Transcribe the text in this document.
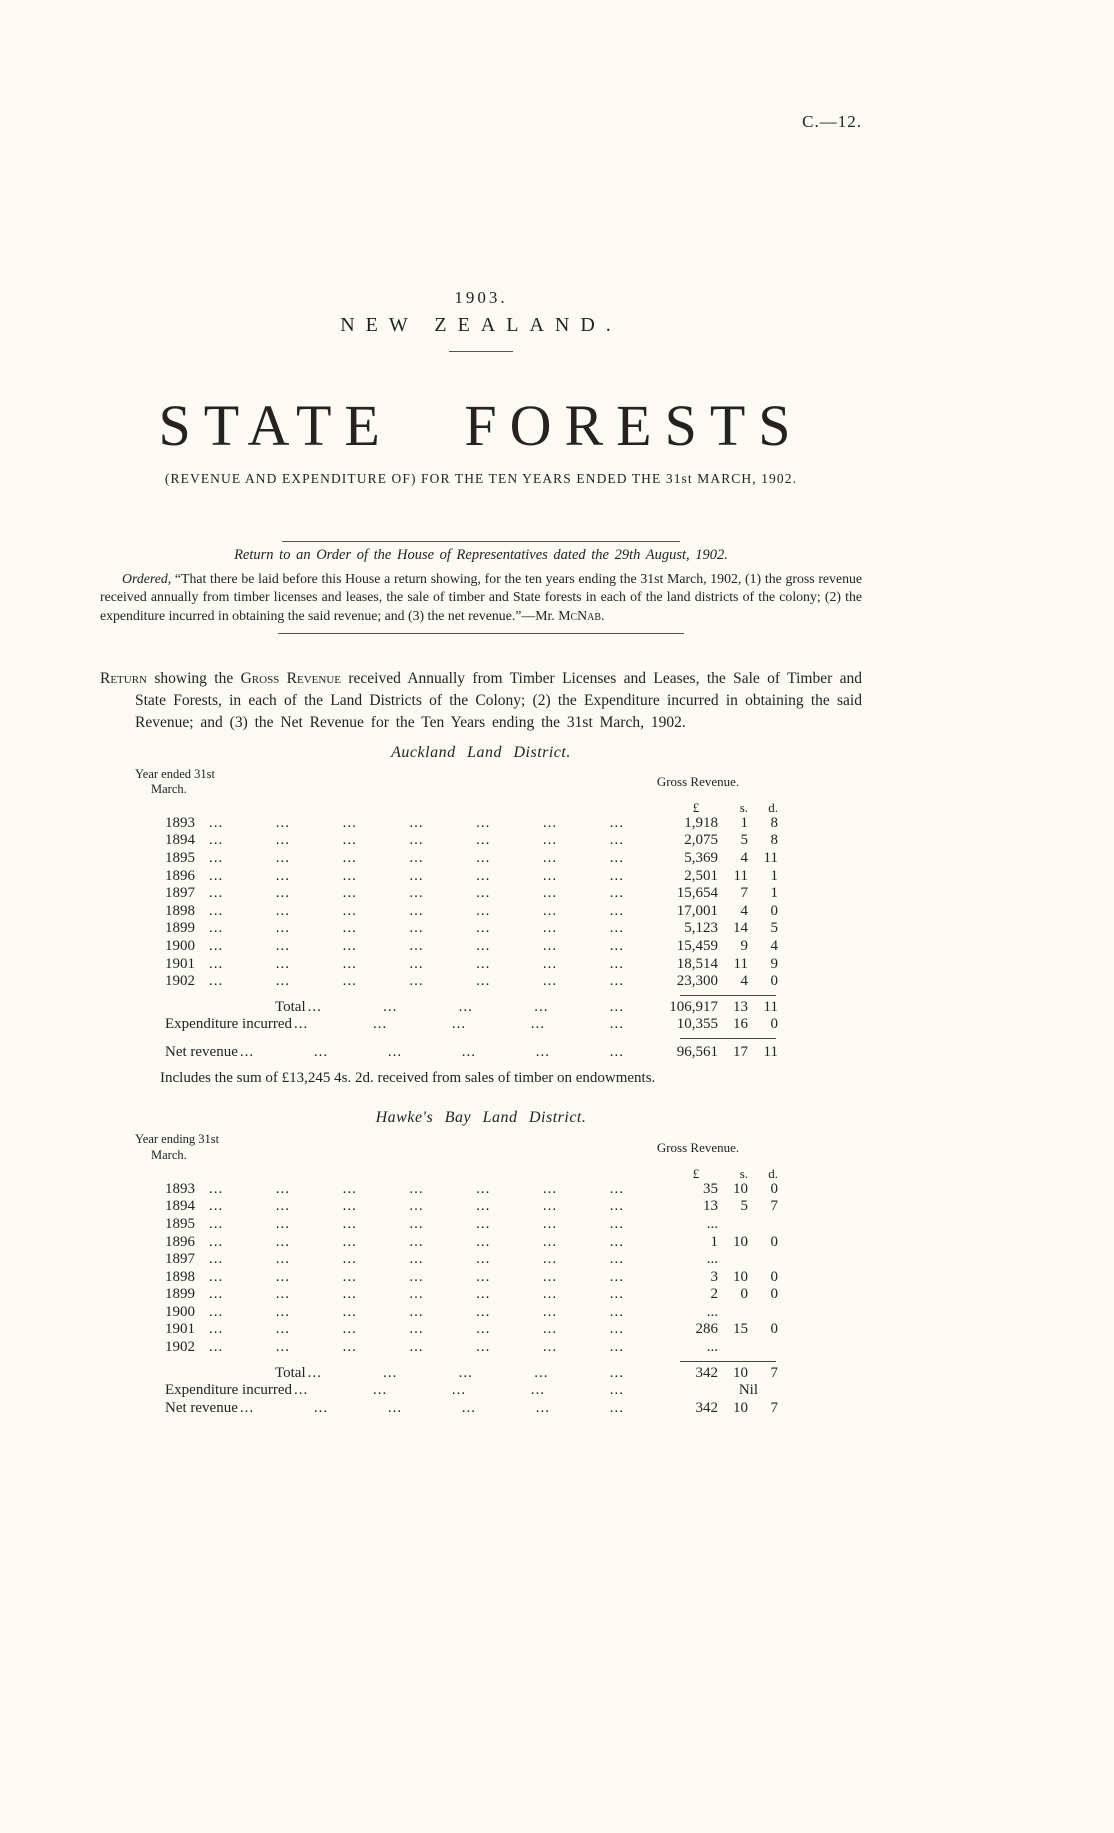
C.—12.
1903.
NEW ZEALAND.
STATE FORESTS
(REVENUE AND EXPENDITURE OF) FOR THE TEN YEARS ENDED THE 31st MARCH, 1902.
Return to an Order of the House of Representatives dated the 29th August, 1902.

Ordered, “That there be laid before this House a return showing, for the ten years ending the 31st March, 1902, (1) the gross revenue received annually from timber licenses and leases, the sale of timber and State forests in each of the land districts of the colony; (2) the expenditure incurred in obtaining the said revenue; and (3) the net revenue.”—Mr. McNab.

Return showing the Gross Revenue received Annually from Timber Licenses and Leases, the Sale of Timber and State Forests, in each of the Land Districts of the Colony; (2) the Expenditure incurred in obtaining the said Revenue; and (3) the Net Revenue for the Ten Years ending the 31st March, 1902.

Auckland Land District.
Year ended 31st
March.	Gross Revenue.
£	s.	d.
1893 ...	...	...	...	...	...	...	1,918	1	8
1894 ...	...	...	...	...	...	...	2,075	5	8
1895 ...	...	...	...	...	...	...	5,369	4	11
1896 ...	...	...	...	...	...	...	2,501	11	1
1897 ...	...	...	...	...	...	...	15,654	7	1
1898 ...	...	...	...	...	...	...	17,001	4	0
1899 ...	...	...	...	...	...	...	5,123	14	5
1900 ...	...	...	...	...	...	...	15,459	9	4
1901 ...	...	...	...	...	...	...	18,514	11	9
1902 ...	...	...	...	...	...	...	23,300	4	0
Total ...	...	...	...	...	106,917	13	11
Expenditure incurred ...	...	...	...	...	10,355	16	0
Net revenue ...	...	...	...	...	...	96,561	17	11

Includes the sum of £13,245 4s. 2d. received from sales of timber on endowments.

Hawke's Bay Land District.
Year ending 31st
March.	Gross Revenue.
£	s.	d.
1893 ...	...	...	...	...	...	...	35	10	0
1894 ...	...	...	...	...	...	...	13	5	7
1895 ...	...	...	...	...	...	...	...
1896 ...	...	...	...	...	...	...	1	10	0
1897 ...	...	...	...	...	...	...	...
1898 ...	...	...	...	...	...	...	3	10	0
1899 ...	...	...	...	...	...	...	2	0	0
1900 ...	...	...	...	...	...	...	...
1901 ...	...	...	...	...	...	...	286	15	0
1902 ...	...	...	...	...	...	...	...
Total ...	...	...	...	...	342	10	7
Expenditure incurred ...	...	...	...	...	Nil
Net revenue ...	...	...	...	...	...	342	10	7
